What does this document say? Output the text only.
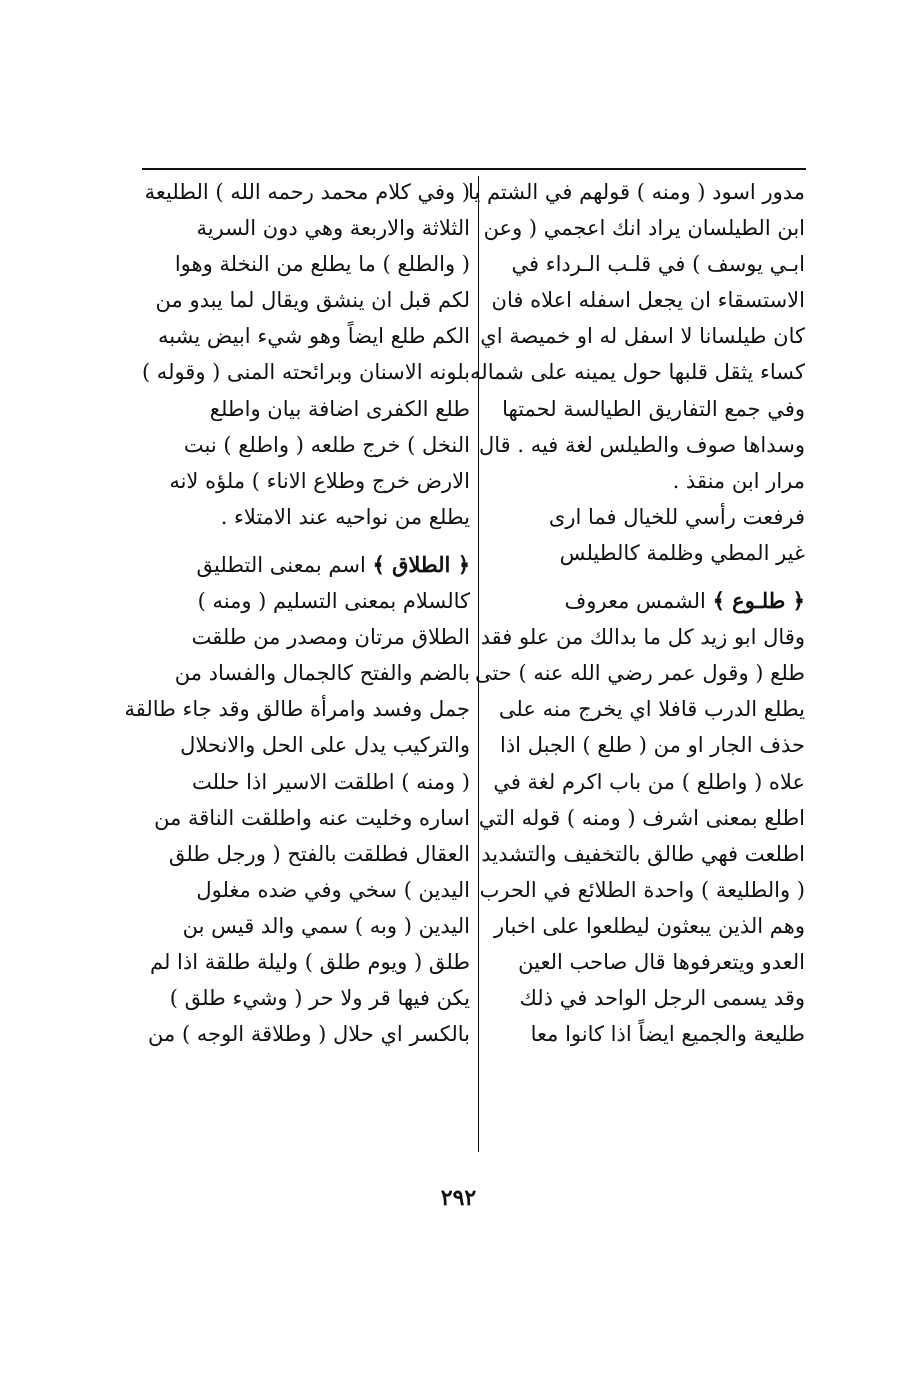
مدور اسود ( ومنه ) قولهم في الشتم يا
ابن الطيلسان يراد انك اعجمي ( وعن
ابـي يوسف ) في قلـب الـرداء في
الاستسقاء ان يجعل اسفله اعلاه فان
كان طيلسانا لا اسفل له او خميصة اي
كساء يثقل قلبها حول يمينه على شماله
وفي جمع التفاريق الطيالسة لحمتها
وسداها صوف والطيلس لغة فيه . قال
مرار ابن منقذ .
فرفعت رأسي للخيال فما ارى
غير المطي وظلمة كالطيلس
﴿ طلـوع ﴾ الشمس معروف
وقال ابو زيد كل ما بدالك من علو فقد
طلع ( وقول عمر رضي الله عنه ) حتى
يطلع الدرب قافلا اي يخرج منه على
حذف الجار او من ( طلع ) الجبل اذا
علاه ( واطلع ) من باب اكرم لغة في
اطلع بمعنى اشرف ( ومنه ) قوله التي
اطلعت فهي طالق بالتخفيف والتشديد
( والطليعة ) واحدة الطلائع في الحرب
وهم الذين يبعثون ليطلعوا على اخبار
العدو ويتعرفوها قال صاحب العين
وقد يسمى الرجل الواحد في ذلك
طليعة والجميع ايضاً اذا كانوا معا
( وفي كلام محمد رحمه الله ) الطليعة
الثلاثة والاربعة وهي دون السرية
( والطلع ) ما يطلع من النخلة وهوا
لكم قبل ان ينشق ويقال لما يبدو من
الكم طلع ايضاً وهو شيء ابيض يشبه
بلونه الاسنان وبرائحته المنى ( وقوله )
طلع الكفرى اضافة بيان واطلع
النخل ) خرج طلعه ( واطلع ) نبت
الارض خرج وطلاع الاناء ) ملؤه لانه
يطلع من نواحيه عند الامتلاء .
﴿ الطلاق ﴾ اسم بمعنى التطليق
كالسلام بمعنى التسليم ( ومنه )
الطلاق مرتان ومصدر من طلقت
بالضم والفتح كالجمال والفساد من
جمل وفسد وامرأة طالق وقد جاء طالقة
والتركيب يدل على الحل والانحلال
( ومنه ) اطلقت الاسير اذا حللت
اساره وخليت عنه واطلقت الناقة من
العقال فطلقت بالفتح ( ورجل طلق
اليدين ) سخي وفي ضده مغلول
اليدين ( وبه ) سمي والد قيس بن
طلق ( ويوم طلق ) وليلة طلقة اذا لم
يكن فيها قر ولا حر ( وشيء طلق )
بالكسر اي حلال ( وطلاقة الوجه ) من
٢٩٢
